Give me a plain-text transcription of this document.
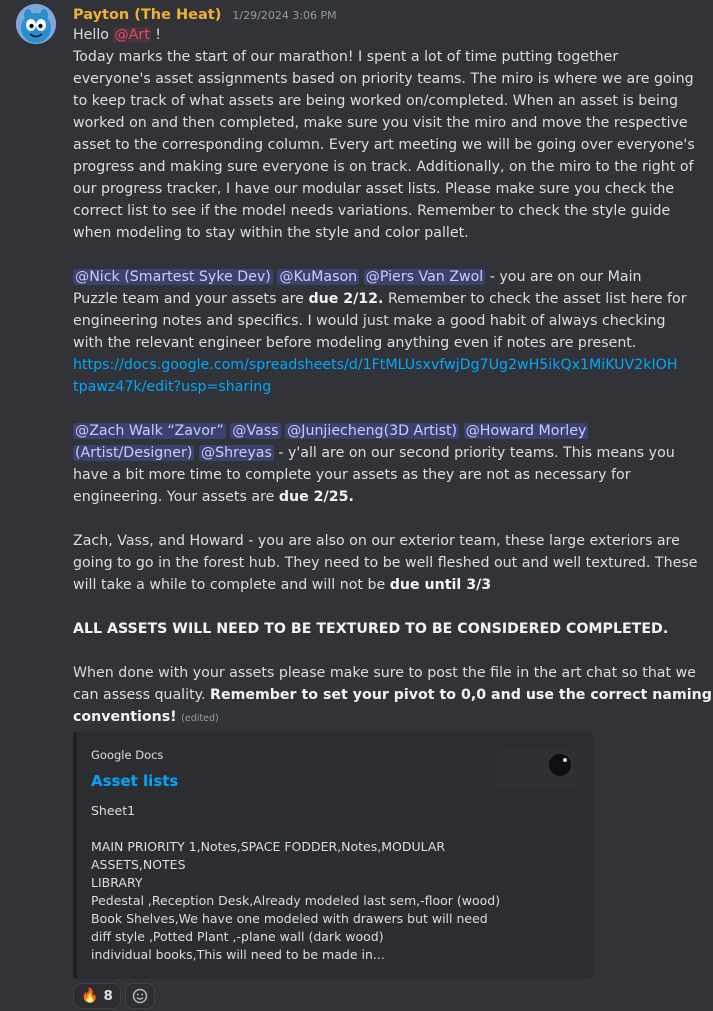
Payton (The Heat) 1/29/2024 3:06 PM
Hello @Art !
Today marks the start of our marathon! I spent a lot of time putting together
everyone's asset assignments based on priority teams. The miro is where we are going
to keep track of what assets are being worked on/completed. When an asset is being
worked on and then completed, make sure you visit the miro and move the respective
asset to the corresponding column. Every art meeting we will be going over everyone's
progress and making sure everyone is on track. Additionally, on the miro to the right of
our progress tracker, I have our modular asset lists. Please make sure you check the
correct list to see if the model needs variations. Remember to check the style guide
when modeling to stay within the style and color pallet.
@Nick (Smartest Syke Dev) @KuMason @Piers Van Zwol - you are on our Main
Puzzle team and your assets are due 2/12. Remember to check the asset list here for
engineering notes and specifics. I would just make a good habit of always checking
with the relevant engineer before modeling anything even if notes are present.
https://docs.google.com/spreadsheets/d/1FtMLUsxvfwjDg7Ug2wH5ikQx1MiKUV2kIOH
tpawz47k/edit?usp=sharing
@Zach Walk “Zavor” @Vass @Junjiecheng(3D Artist) @Howard Morley
(Artist/Designer) @Shreyas - y'all are on our second priority teams. This means you
have a bit more time to complete your assets as they are not as necessary for
engineering. Your assets are due 2/25.
Zach, Vass, and Howard - you are also on our exterior team, these large exteriors are
going to go in the forest hub. They need to be well fleshed out and well textured. These
will take a while to complete and will not be due until 3/3
ALL ASSETS WILL NEED TO BE TEXTURED TO BE CONSIDERED COMPLETED.
When done with your assets please make sure to post the file in the art chat so that we
can assess quality. Remember to set your pivot to 0,0 and use the correct naming
conventions! (edited)
Google Docs
Asset lists
Sheet1
MAIN PRIORITY 1,Notes,SPACE FODDER,Notes,MODULAR
ASSETS,NOTES
LIBRARY
Pedestal ,Reception Desk,Already modeled last sem,-floor (wood)
Book Shelves,We have one modeled with drawers but will need
diff style ,Potted Plant ,-plane wall (dark wood)
individual books,This will need to be made in...
🔥 8
